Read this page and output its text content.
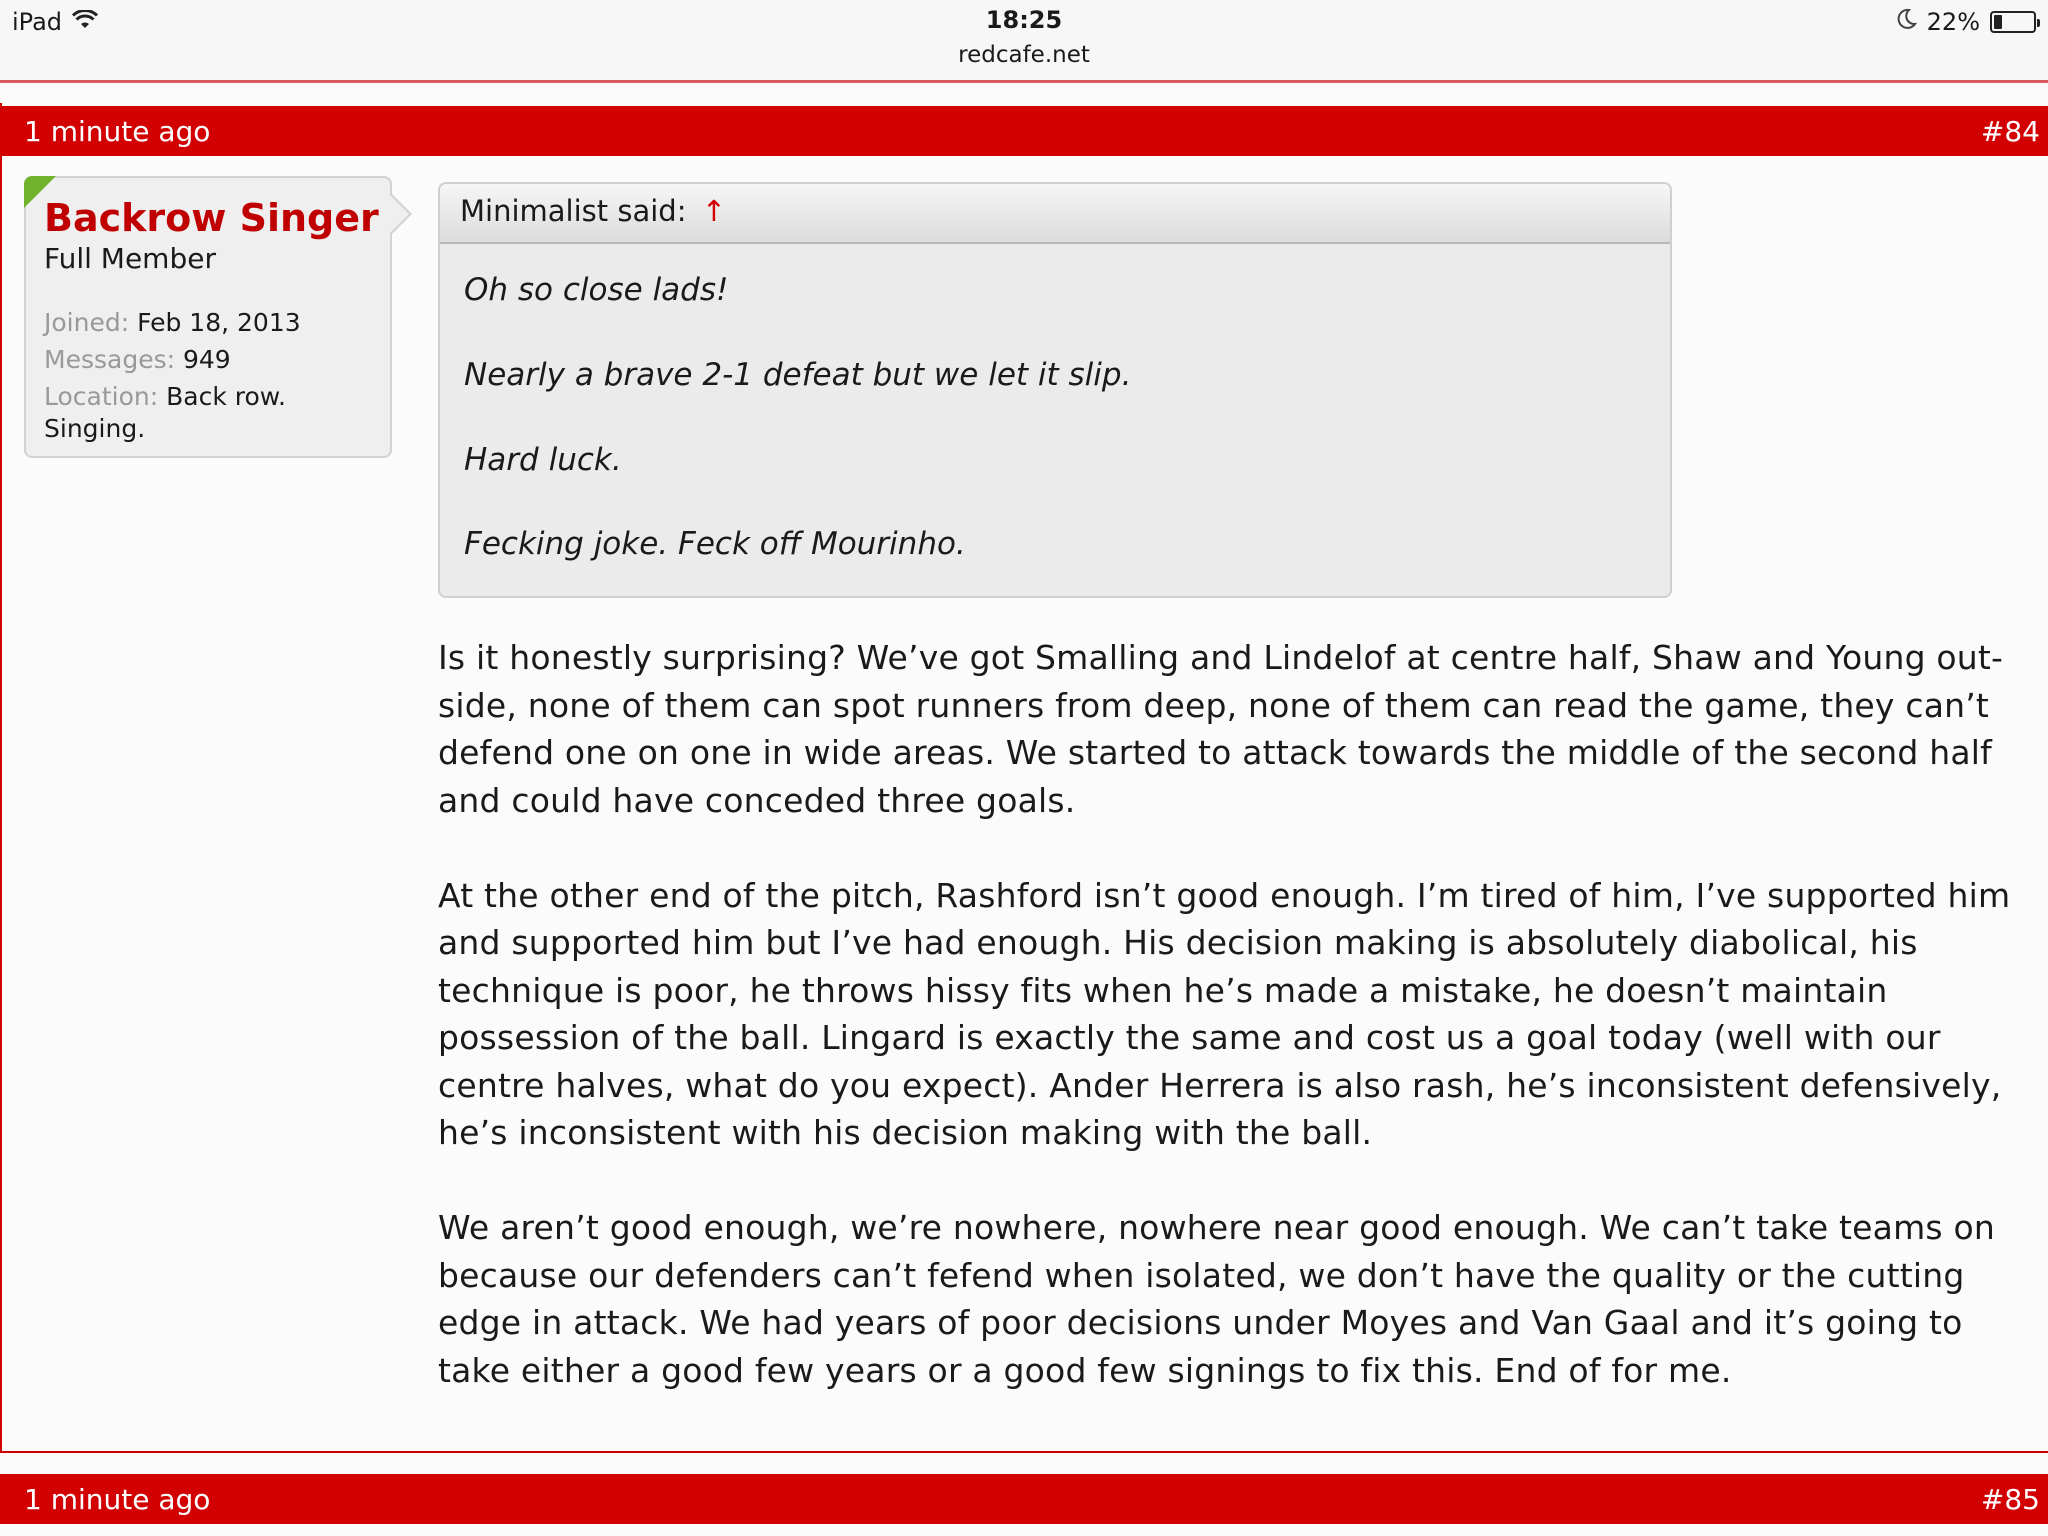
iPad	18:25
redcafe.net
22%
1 minute ago	#84
Backrow Singer
Full Member
Joined: Feb 18, 2013
Messages: 949
Location: Back row.
Singing.
Minimalist said: ↑

Oh so close lads!

Nearly a brave 2-1 defeat but we let it slip.

Hard luck.

Fecking joke. Feck off Mourinho.

Is it honestly surprising? We’ve got Smalling and Lindelof at centre half, Shaw and Young out-side, none of them can spot runners from deep, none of them can read the game, they can’t defend one on one in wide areas. We started to attack towards the middle of the second half and could have conceded three goals.

At the other end of the pitch, Rashford isn’t good enough. I’m tired of him, I’ve supported him and supported him but I’ve had enough. His decision making is absolutely diabolical, his technique is poor, he throws hissy fits when he’s made a mistake, he doesn’t maintain possession of the ball. Lingard is exactly the same and cost us a goal today (well with our centre halves, what do you expect). Ander Herrera is also rash, he’s inconsistent defensively, he’s inconsistent with his decision making with the ball.

We aren’t good enough, we’re nowhere, nowhere near good enough. We can’t take teams on because our defenders can’t fefend when isolated, we don’t have the quality or the cutting edge in attack. We had years of poor decisions under Moyes and Van Gaal and it’s going to take either a good few years or a good few signings to fix this. End of for me.

1 minute ago	#85
